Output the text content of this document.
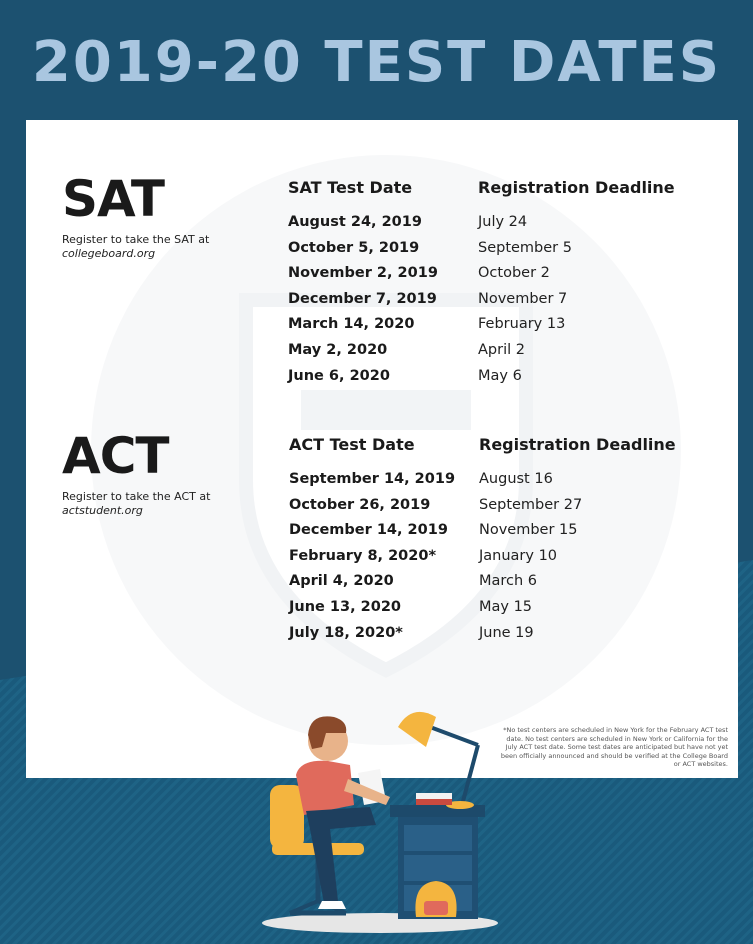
2019-20 TEST DATES
SAT
Register to take the SAT at
collegeboard.org
SAT Test Date
August 24, 2019
October 5, 2019
November 2, 2019
December 7, 2019
March 14, 2020
May 2, 2020
June 6, 2020
Registration Deadline
July 24
September 5
October 2
November 7
February 13
April 2
May 6
ACT
Register to take the ACT at
actstudent.org
ACT Test Date
September 14, 2019
October 26, 2019
December 14, 2019
February 8, 2020*
April 4, 2020
June 13, 2020
July 18, 2020*
Registration Deadline
August 16
September 27
November 15
January 10
March 6
May 15
June 19
*No test centers are scheduled in New York for the February ACT test date. No test centers are scheduled in New York or California for the July ACT test date. Some test dates are anticipated but have not yet been officially announced and should be verified at the College Board or ACT websites.
